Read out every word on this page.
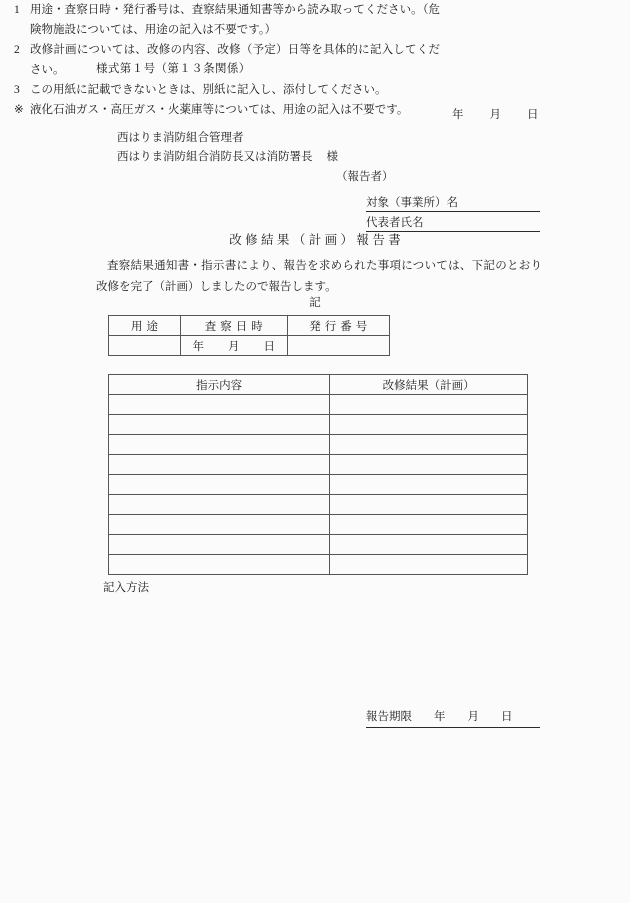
様式第１号（第１３条関係）
年 月 日
西はりま消防組合管理者
西はりま消防組合消防長又は消防署長 様
（報告者）
対象（事業所）名
代表者氏名
改修結果（計画）報告書
査察結果通知書・指示書により、報告を求められた事項については、下記のとおり改修を完了（計画）しましたので報告します。
記
用途	査察日時	発行番号
	年 月 日	
指示内容	改修結果（計画）

記入方法
1 用途・査察日時・発行番号は、査察結果通知書等から読み取ってください。（危険物施設については、用途の記入は不要です。）
2 改修計画については、改修の内容、改修（予定）日等を具体的に記入してください。
3 この用紙に記載できないときは、別紙に記入し、添付してください。
※ 液化石油ガス・高圧ガス・火薬庫等については、用途の記入は不要です。
報告期限 年 月 日
